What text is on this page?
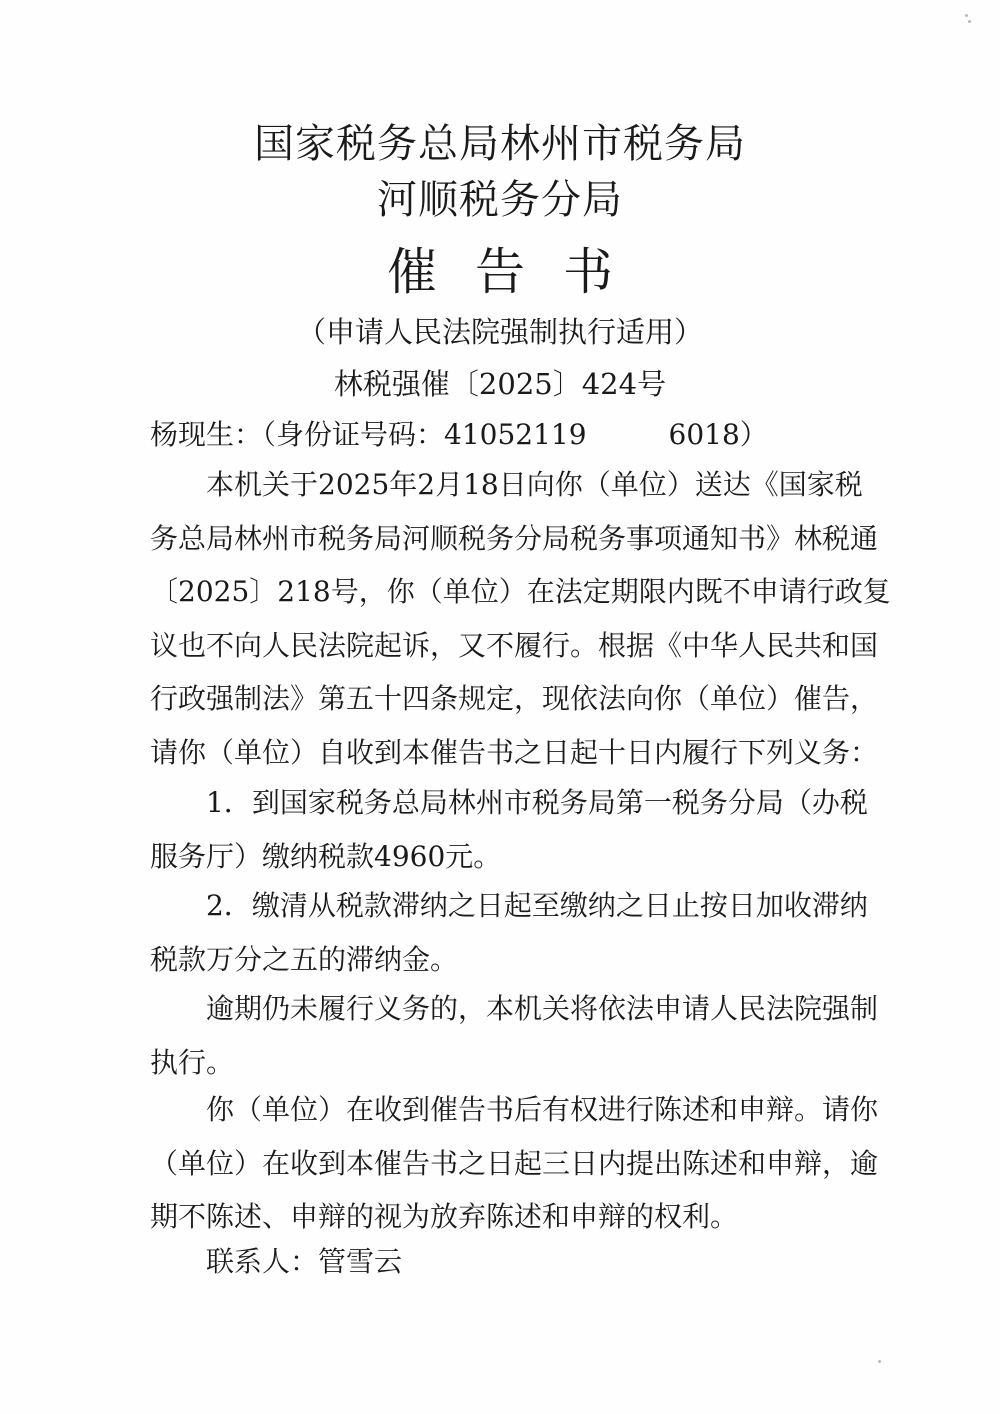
国家税务总局林州市税务局
河顺税务分局
催告书
（申请人民法院强制执行适用）
林税强催〔2025〕424号
杨现生：（身份证号码：41052119	6018）
本机关于2025年2月18日向你（单位）送达《国家税
务总局林州市税务局河顺税务分局税务事项通知书》林税通
〔2025〕218号，你（单位）在法定期限内既不申请行政复
议也不向人民法院起诉，又不履行。根据《中华人民共和国
行政强制法》第五十四条规定，现依法向你（单位）催告，
请你（单位）自收到本催告书之日起十日内履行下列义务：
1．到国家税务总局林州市税务局第一税务分局（办税
服务厅）缴纳税款4960元。
2．缴清从税款滞纳之日起至缴纳之日止按日加收滞纳
税款万分之五的滞纳金。
逾期仍未履行义务的，本机关将依法申请人民法院强制
执行。
你（单位）在收到催告书后有权进行陈述和申辩。请你
（单位）在收到本催告书之日起三日内提出陈述和申辩，逾
期不陈述、申辩的视为放弃陈述和申辩的权利。
联系人：管雪云
